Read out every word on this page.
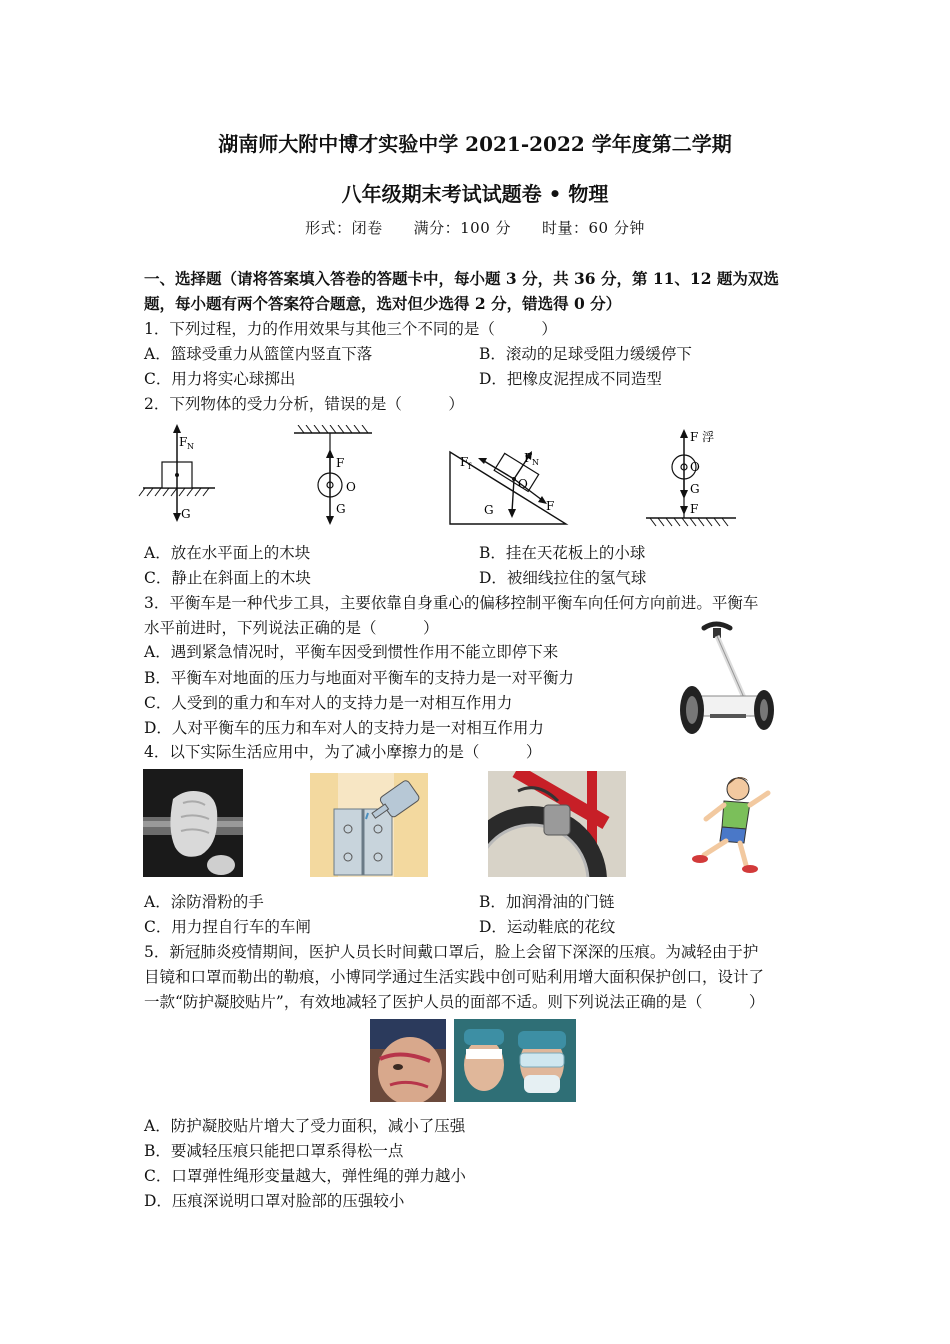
湖南师大附中博才实验中学 2021-2022 学年度第二学期
八年级期末考试试题卷 • 物理
形式：闭卷　　满分：100 分　　时量：60 分钟
一、选择题（请将答案填入答卷的答题卡中，每小题 3 分，共 36 分，第 11、12 题为双选
题，每小题有两个答案符合题意，选对但少选得 2 分，错选得 0 分）
1．下列过程，力的作用效果与其他三个不同的是（　　　）
A．篮球受重力从篮筐内竖直下落	B．滚动的足球受阻力缓缓停下
C．用力将实心球掷出	D．把橡皮泥捏成不同造型
2．下列物体的受力分析，错误的是（　　　）
F N
G
F
O
G
F f
F N
O
G	F
F 浮
O
G
F
A．放在水平面上的木块	B．挂在天花板上的小球
C．静止在斜面上的木块	D．被细线拉住的氢气球
3．平衡车是一种代步工具，主要依靠自身重心的偏移控制平衡车向任何方向前进。平衡车
水平前进时，下列说法正确的是（　　　）
A．遇到紧急情况时，平衡车因受到惯性作用不能立即停下来
B．平衡车对地面的压力与地面对平衡车的支持力是一对平衡力
C．人受到的重力和车对人的支持力是一对相互作用力
D．人对平衡车的压力和车对人的支持力是一对相互作用力
4．以下实际生活应用中，为了减小摩擦力的是（　　　）
A．涂防滑粉的手	B．加润滑油的门链
C．用力捏自行车的车闸	D．运动鞋底的花纹
5．新冠肺炎疫情期间，医护人员长时间戴口罩后，脸上会留下深深的压痕。为减轻由于护
目镜和口罩而勒出的勒痕，小博同学通过生活实践中创可贴利用增大面积保护创口，设计了
一款“防护凝胶贴片”，有效地减轻了医护人员的面部不适。则下列说法正确的是（　　　）
A．防护凝胶贴片增大了受力面积，减小了压强
B．要减轻压痕只能把口罩系得松一点
C．口罩弹性绳形变量越大，弹性绳的弹力越小
D．压痕深说明口罩对脸部的压强较小
